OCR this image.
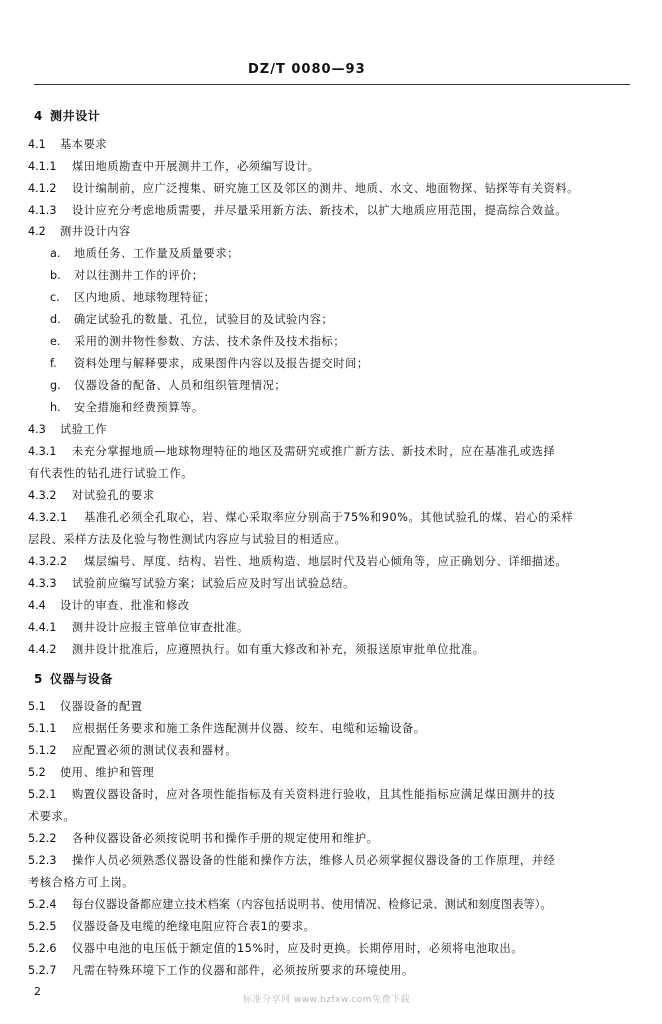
DZ/T 0080—93
4 测井设计
4.1 基本要求
4.1.1 煤田地质勘查中开展测井工作，必须编写设计。
4.1.2 设计编制前，应广泛搜集、研究施工区及邻区的测井、地质、水文、地面物探、钻探等有关资料。
4.1.3 设计应充分考虑地质需要，并尽量采用新方法、新技术，以扩大地质应用范围，提高综合效益。
4.2 测井设计内容
a. 地质任务、工作量及质量要求；
b. 对以往测井工作的评价；
c. 区内地质、地球物理特征；
d. 确定试验孔的数量、孔位，试验目的及试验内容；
e. 采用的测井物性参数、方法、技术条件及技术指标；
f. 资料处理与解释要求，成果图件内容以及报告提交时间；
g. 仪器设备的配备、人员和组织管理情况；
h. 安全措施和经费预算等。
4.3 试验工作
4.3.1 未充分掌握地质—地球物理特征的地区及需研究或推广新方法、新技术时，应在基准孔或选择
有代表性的钻孔进行试验工作。
4.3.2 对试验孔的要求
4.3.2.1 基准孔必须全孔取心，岩、煤心采取率应分别高于75%和90%。其他试验孔的煤、岩心的采样
层段、采样方法及化验与物性测试内容应与试验目的相适应。
4.3.2.2 煤层编号、厚度、结构、岩性、地质构造、地层时代及岩心倾角等，应正确划分、详细描述。
4.3.3 试验前应编写试验方案；试验后应及时写出试验总结。
4.4 设计的审查、批准和修改
4.4.1 测井设计应报主管单位审查批准。
4.4.2 测井设计批准后，应遵照执行。如有重大修改和补充，须报送原审批单位批准。
5 仪器与设备
5.1 仪器设备的配置
5.1.1 应根据任务要求和施工条件选配测井仪器、绞车、电缆和运输设备。
5.1.2 应配置必须的测试仪表和器材。
5.2 使用、维护和管理
5.2.1 购置仪器设备时，应对各项性能指标及有关资料进行验收，且其性能指标应满足煤田测井的技
术要求。
5.2.2 各种仪器设备必须按说明书和操作手册的规定使用和维护。
5.2.3 操作人员必须熟悉仪器设备的性能和操作方法，维修人员必须掌握仪器设备的工作原理，并经
考核合格方可上岗。
5.2.4 每台仪器设备都应建立技术档案（内容包括说明书、使用情况、检修记录、测试和刻度图表等）。
5.2.5 仪器设备及电缆的绝缘电阻应符合表1的要求。
5.2.6 仪器中电池的电压低于额定值的15%时，应及时更换。长期停用时，必须将电池取出。
5.2.7 凡需在特殊环境下工作的仪器和部件，必须按所要求的环境使用。
2
标准分享网 www.bzfxw.com免费下载
